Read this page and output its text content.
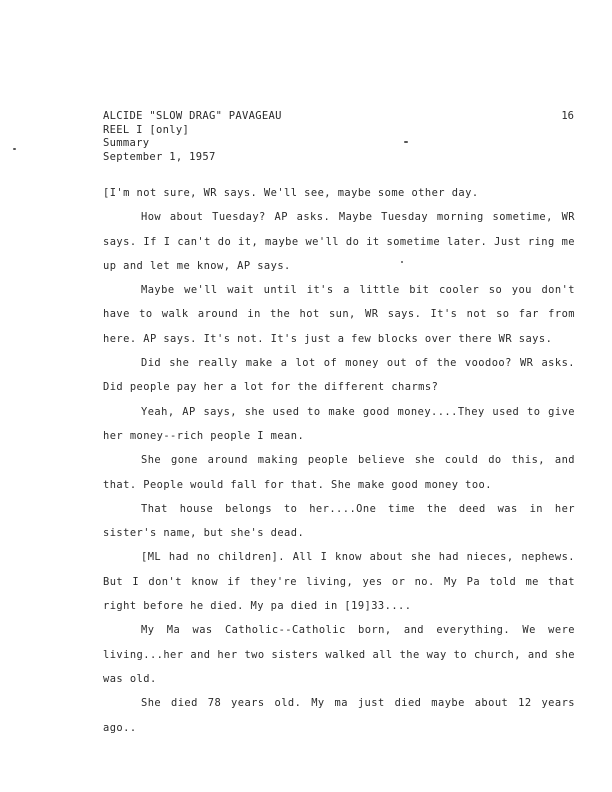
ALCIDE "SLOW DRAG" PAVAGEAU
REEL I [only]
Summary
September 1, 1957
16

[I'm not sure, WR says. We'll see, maybe some other day.

How about Tuesday? AP asks. Maybe Tuesday morning sometime, WR says. If I can't do it, maybe we'll do it sometime later. Just ring me up and let me know, AP says.

Maybe we'll wait until it's a little bit cooler so you don't have to walk around in the hot sun, WR says. It's not so far from here. AP says. It's not. It's just a few blocks over there WR says.

Did she really make a lot of money out of the voodoo? WR asks. Did people pay her a lot for the different charms?

Yeah, AP says, she used to make good money....They used to give her money--rich people I mean.

She gone around making people believe she could do this, and that. People would fall for that. She make good money too.

That house belongs to her....One time the deed was in her sister's name, but she's dead.

[ML had no children]. All I know about she had nieces, nephews. But I don't know if they're living, yes or no. My Pa told me that right before he died. My pa died in [19]33....

My Ma was Catholic--Catholic born, and everything. We were living...her and her two sisters walked all the way to church, and she was old.

She died 78 years old. My ma just died maybe about 12 years ago..
